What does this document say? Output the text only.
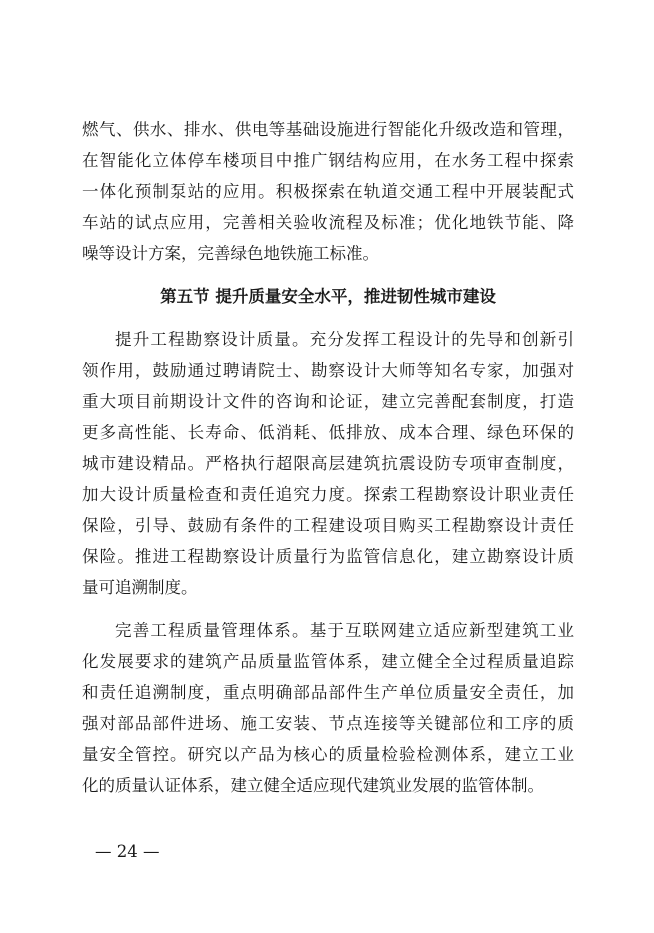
燃气、供水、排水、供电等基础设施进行智能化升级改造和管理，
在智能化立体停车楼项目中推广钢结构应用，在水务工程中探索
一体化预制泵站的应用。积极探索在轨道交通工程中开展装配式
车站的试点应用，完善相关验收流程及标准；优化地铁节能、降
噪等设计方案，完善绿色地铁施工标准。
第五节 提升质量安全水平，推进韧性城市建设
提升工程勘察设计质量。充分发挥工程设计的先导和创新引
领作用，鼓励通过聘请院士、勘察设计大师等知名专家，加强对
重大项目前期设计文件的咨询和论证，建立完善配套制度，打造
更多高性能、长寿命、低消耗、低排放、成本合理、绿色环保的
城市建设精品。严格执行超限高层建筑抗震设防专项审查制度，
加大设计质量检查和责任追究力度。探索工程勘察设计职业责任
保险，引导、鼓励有条件的工程建设项目购买工程勘察设计责任
保险。推进工程勘察设计质量行为监管信息化，建立勘察设计质
量可追溯制度。
完善工程质量管理体系。基于互联网建立适应新型建筑工业
化发展要求的建筑产品质量监管体系，建立健全全过程质量追踪
和责任追溯制度，重点明确部品部件生产单位质量安全责任，加
强对部品部件进场、施工安装、节点连接等关键部位和工序的质
量安全管控。研究以产品为核心的质量检验检测体系，建立工业
化的质量认证体系，建立健全适应现代建筑业发展的监管体制。
— 24 —
